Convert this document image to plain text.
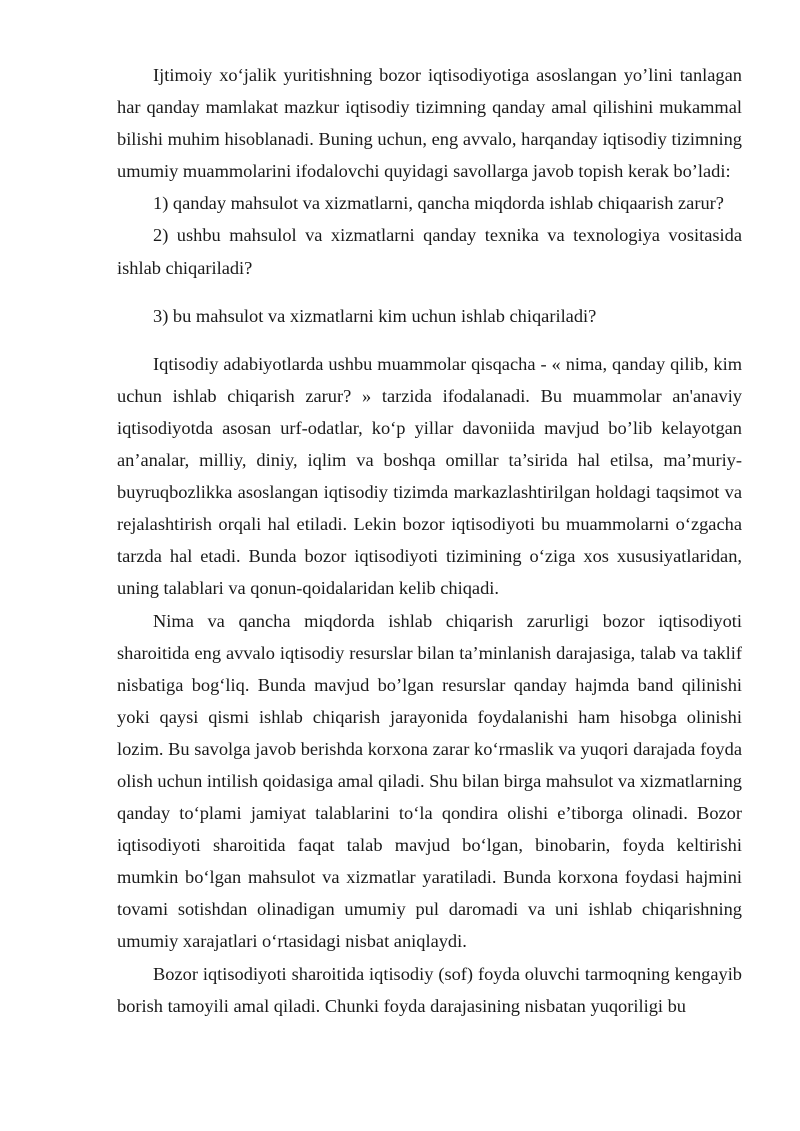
Ijtimoiy xo‘jalik yuritishning bozor iqtisodiyotiga asoslangan yo’lini tanlagan har qanday mamlakat mazkur iqtisodiy tizimning qanday amal qilishini mukammal bilishi muhim hisoblanadi. Buning uchun, eng avvalo, harqanday iqtisodiy tizimning umumiy muammolarini ifodalovchi quyidagi savollarga javob topish kerak bo’ladi:

1) qanday mahsulot va xizmatlarni, qancha miqdorda ishlab chiqaarish zarur?

2) ushbu mahsulol va xizmatlarni qanday texnika va texnologiya vositasida ishlab chiqariladi?

3) bu mahsulot va xizmatlarni kim uchun ishlab chiqariladi?

Iqtisodiy adabiyotlarda ushbu muammolar qisqacha - « nima, qanday qilib, kim uchun ishlab chiqarish zarur? » tarzida ifodalanadi. Bu muammolar an'anaviy iqtisodiyotda asosan urf-odatlar, ko‘p yillar davoniida mavjud bo’lib kelayotgan an’analar, milliy, diniy, iqlim va boshqa omillar ta’sirida hal etilsa, ma’muriy-buyruqbozlikka asoslangan iqtisodiy tizimda markazlashtirilgan holdagi taqsimot va rejalashtirish orqali hal etiladi. Lekin bozor iqtisodiyoti bu muammolarni o‘zgacha tarzda hal etadi. Bunda bozor iqtisodiyoti tizimining o‘ziga xos xususiyatlaridan, uning talablari va qonun-qoidalaridan kelib chiqadi.

Nima va qancha miqdorda ishlab chiqarish zarurligi bozor iqtisodiyoti sharoitida eng avvalo iqtisodiy resurslar bilan ta’minlanish darajasiga, talab va taklif nisbatiga bog‘liq. Bunda mavjud bo’lgan resurslar qanday hajmda band qilinishi yoki qaysi qismi ishlab chiqarish jarayonida foydalanishi ham hisobga olinishi lozim. Bu savolga javob berishda korxona zarar ko‘rmaslik va yuqori darajada foyda olish uchun intilish qoidasiga amal qiladi. Shu bilan birga mahsulot va xizmatlarning qanday to‘plami jamiyat talablarini to‘la qondira olishi e’tiborga olinadi. Bozor iqtisodiyoti sharoitida faqat talab mavjud bo‘lgan, binobarin, foyda keltirishi mumkin bo‘lgan mahsulot va xizmatlar yaratiladi. Bunda korxona foydasi hajmini tovami sotishdan olinadigan umumiy pul daromadi va uni ishlab chiqarishning umumiy xarajatlari o‘rtasidagi nisbat aniqlaydi.

Bozor iqtisodiyoti sharoitida iqtisodiy (sof) foyda oluvchi tarmoqning kengayib borish tamoyili amal qiladi. Chunki foyda darajasining nisbatan yuqoriligi bu
